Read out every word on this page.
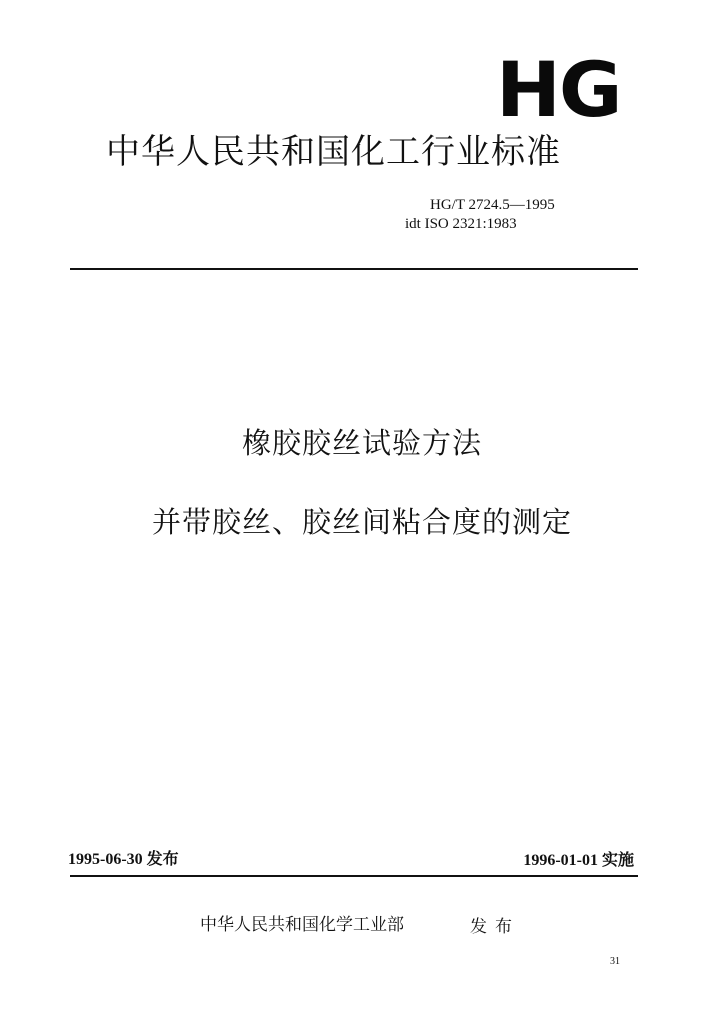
HG
中华人民共和国化工行业标准
HG/T 2724.5—1995
idt ISO 2321:1983
橡胶胶丝试验方法
并带胶丝、胶丝间粘合度的测定
1995-06-30 发布	1996-01-01 实施
中华人民共和国化学工业部	发布
31
